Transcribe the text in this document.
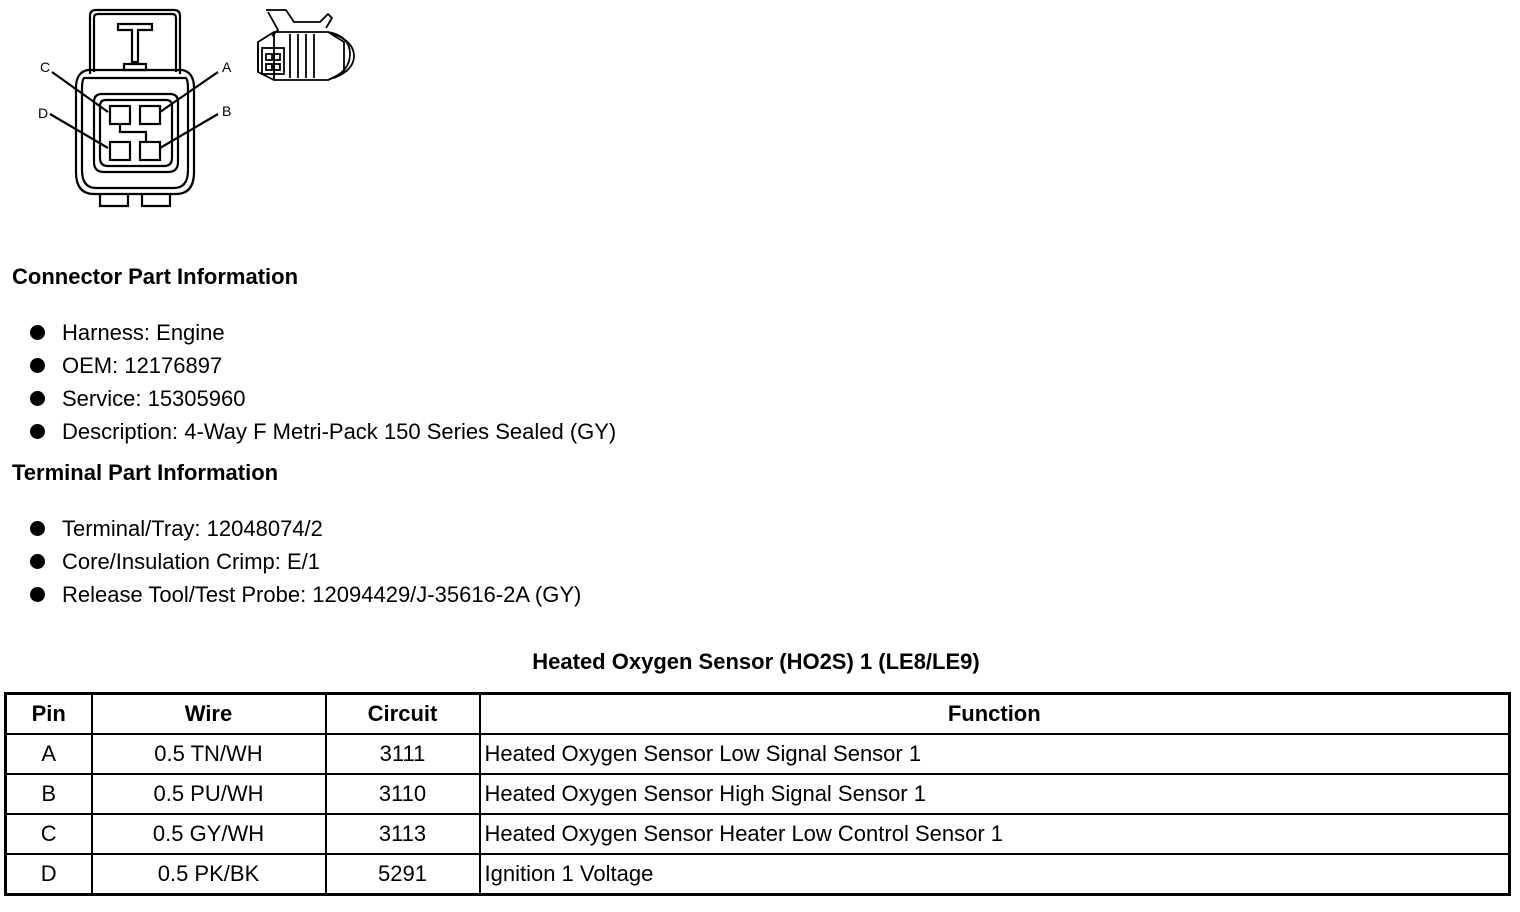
A
B
C
D
Connector Part Information
Harness: Engine
OEM: 12176897
Service: 15305960
Description: 4-Way F Metri-Pack 150 Series Sealed (GY)
Terminal Part Information
Terminal/Tray: 12048074/2
Core/Insulation Crimp: E/1
Release Tool/Test Probe: 12094429/J-35616-2A (GY)
Heated Oxygen Sensor (HO2S) 1 (LE8/LE9)
Pin	Wire	Circuit	Function
A	0.5 TN/WH	3111	Heated Oxygen Sensor Low Signal Sensor 1
B	0.5 PU/WH	3110	Heated Oxygen Sensor High Signal Sensor 1
C	0.5 GY/WH	3113	Heated Oxygen Sensor Heater Low Control Sensor 1
D	0.5 PK/BK	5291	Ignition 1 Voltage
